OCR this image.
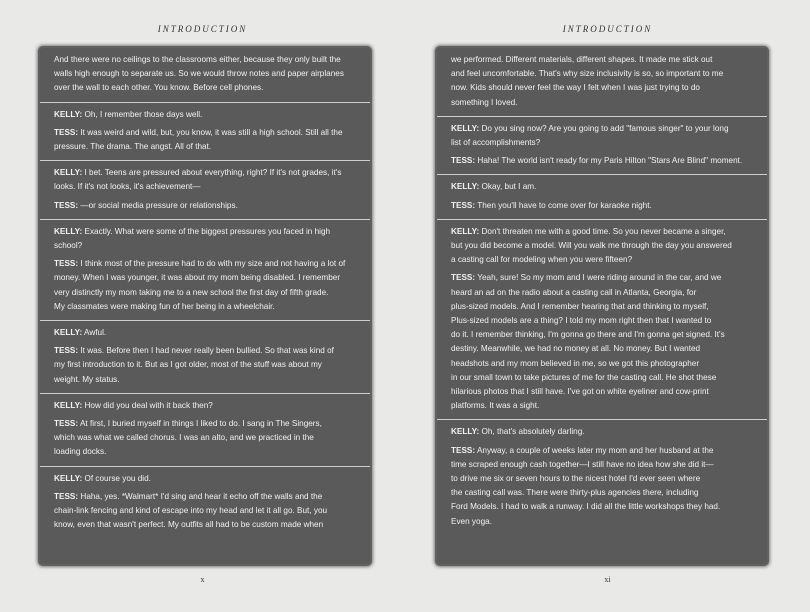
INTRODUCTION
And there were no ceilings to the classrooms either, because they only built the
walls high enough to separate us. So we would throw notes and paper airplanes
over the wall to each other. You know. Before cell phones.
KELLY: Oh, I remember those days well.
TESS: It was weird and wild, but, you know, it was still a high school. Still all the
pressure. The drama. The angst. All of that.
KELLY: I bet. Teens are pressured about everything, right? If it's not grades, it's
looks. If it's not looks, it's achievement—
TESS: —or social media pressure or relationships.
KELLY: Exactly. What were some of the biggest pressures you faced in high
school?
TESS: I think most of the pressure had to do with my size and not having a lot of
money. When I was younger, it was about my mom being disabled. I remember
very distinctly my mom taking me to a new school the first day of fifth grade.
My classmates were making fun of her being in a wheelchair.
KELLY: Awful.
TESS: It was. Before then I had never really been bullied. So that was kind of
my first introduction to it. But as I got older, most of the stuff was about my
weight. My status.
KELLY: How did you deal with it back then?
TESS: At first, I buried myself in things I liked to do. I sang in The Singers,
which was what we called chorus. I was an alto, and we practiced in the
loading docks.
KELLY: Of course you did.
TESS: Haha, yes. *Walmart* I'd sing and hear it echo off the walls and the
chain-link fencing and kind of escape into my head and let it all go. But, you
know, even that wasn't perfect. My outfits all had to be custom made when
x
INTRODUCTION
we performed. Different materials, different shapes. It made me stick out
and feel uncomfortable. That's why size inclusivity is so, so important to me
now. Kids should never feel the way I felt when I was just trying to do
something I loved.
KELLY: Do you sing now? Are you going to add "famous singer" to your long
list of accomplishments?
TESS: Haha! The world isn't ready for my Paris Hilton "Stars Are Blind" moment.
KELLY: Okay, but I am.
TESS: Then you'll have to come over for karaoke night.
KELLY: Don't threaten me with a good time. So you never became a singer,
but you did become a model. Will you walk me through the day you answered
a casting call for modeling when you were fifteen?
TESS: Yeah, sure! So my mom and I were riding around in the car, and we
heard an ad on the radio about a casting call in Atlanta, Georgia, for
plus-sized models. And I remember hearing that and thinking to myself,
Plus-sized models are a thing? I told my mom right then that I wanted to
do it. I remember thinking, I'm gonna go there and I'm gonna get signed. It's
destiny. Meanwhile, we had no money at all. No money. But I wanted
headshots and my mom believed in me, so we got this photographer
in our small town to take pictures of me for the casting call. He shot these
hilarious photos that I still have. I've got on white eyeliner and cow-print
platforms. It was a sight.
KELLY: Oh, that's absolutely darling.
TESS: Anyway, a couple of weeks later my mom and her husband at the
time scraped enough cash together—I still have no idea how she did it—
to drive me six or seven hours to the nicest hotel I'd ever seen where
the casting call was. There were thirty-plus agencies there, including
Ford Models. I had to walk a runway. I did all the little workshops they had.
Even yoga.
xi
